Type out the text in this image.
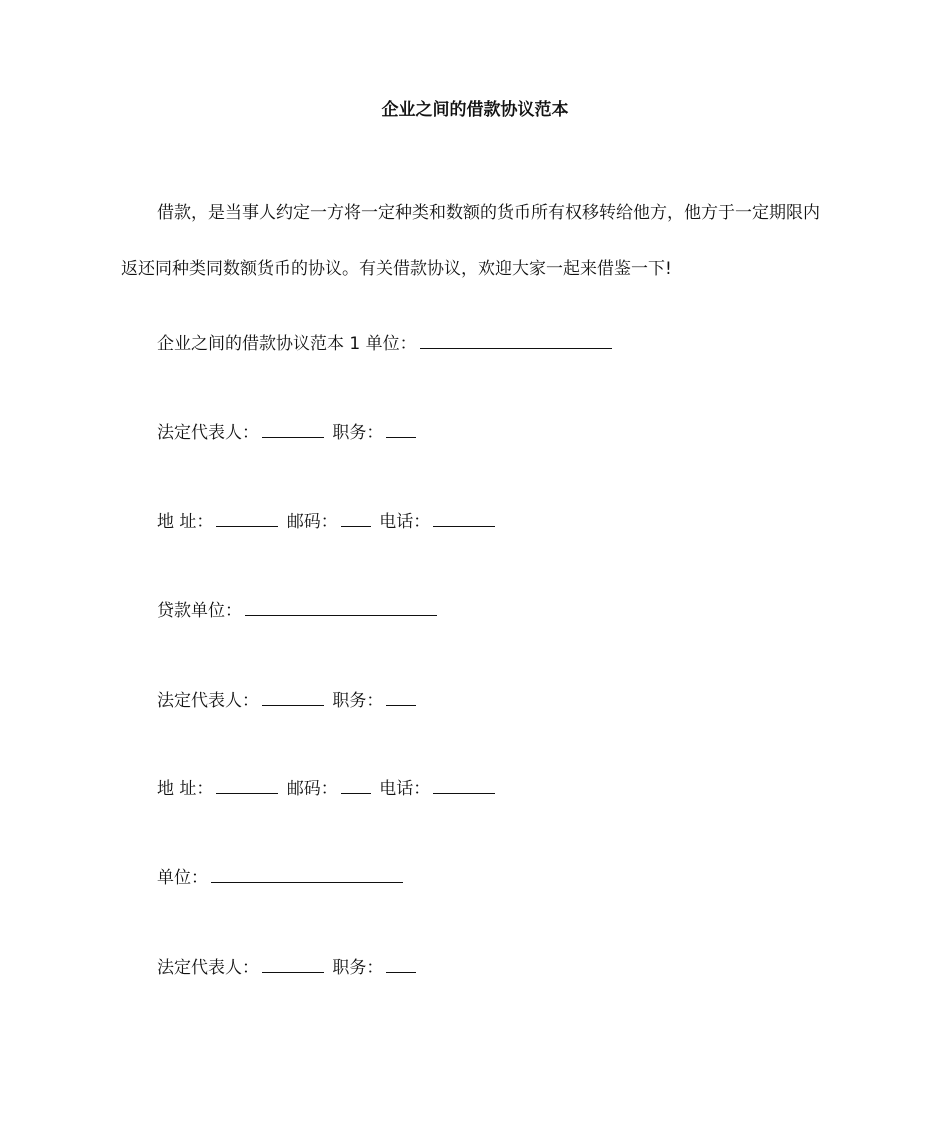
企业之间的借款协议范本
借款，是当事人约定一方将一定种类和数额的货币所有权移转给他方，他方于一定期限内返还同种类同数额货币的协议。有关借款协议，欢迎大家一起来借鉴一下!
企业之间的借款协议范本 1 单位：
法定代表人：	职务：
地 址：	邮码： 电话：
贷款单位：
法定代表人：	职务：
地 址：	邮码： 电话：
单位：
法定代表人：	职务：
